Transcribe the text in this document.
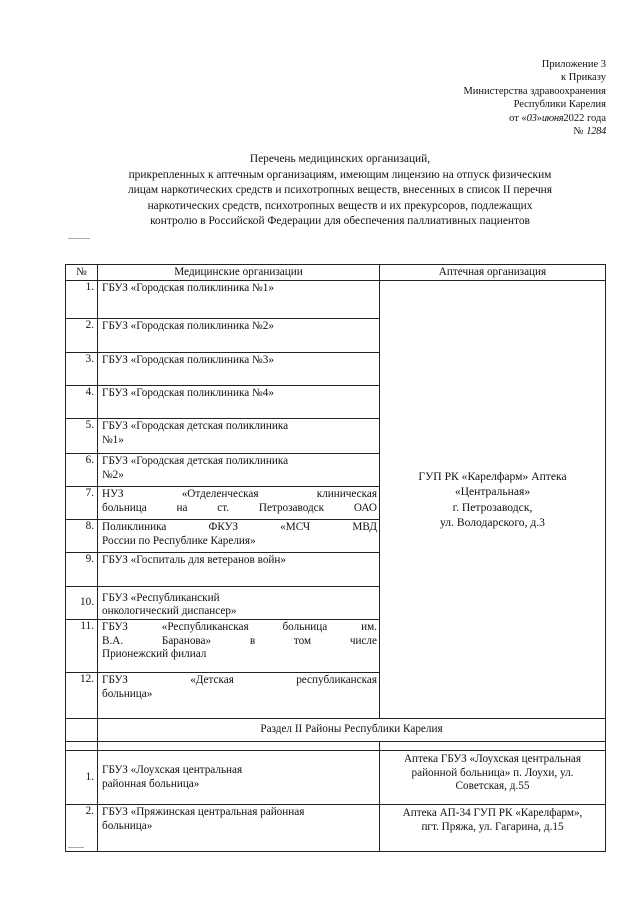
Приложение 3
к Приказу
Министерства здравоохранения
Республики Карелия
от «03»июня2022 года
№ 1284
Перечень медицинских организаций,
прикрепленных к аптечным организациям, имеющим лицензию на отпуск физическим
лицам наркотических средств и психотропных веществ, внесенных в список II перечня
наркотических средств, психотропных веществ и их прекурсоров, подлежащих
контролю в Российской Федерации для обеспечения паллиативных пациентов
№	Медицинские организации	Аптечная организация
1.	ГБУЗ «Городская поликлиника №1»	ГУП РК «Карелфарм» Аптека
«Центральная»
г. Петрозаводск,
ул. Володарского, д.3

2.	ГБУЗ «Городская поликлиника №2»	
3.	ГБУЗ «Городская поликлиника №3»	
4.	ГБУЗ «Городская поликлиника №4»	
5.	ГБУЗ «Городская детская поликлиника
№1»	

6.	ГБУЗ «Городская детская поликлиника
№2»	

7.	НУЗ «Отделенческая клиническая
больница на ст. Петрозаводск ОАО	

8.	Поликлиника ФКУЗ «МСЧ МВД
России по Республике Карелия»	

9.	ГБУЗ «Госпиталь для ветеранов войн»	
10.	ГБУЗ «Республиканский
онкологический диспансер»	

11.	ГБУЗ «Республиканская больница им.
В.А. Баранова» в том числе
Прионежский филиал	

12.	ГБУЗ «Детская республиканская
больница»	

	Раздел II Районы Республики Карелия	

1.	ГБУЗ «Лоухская центральная
районная больница»	Аптека ГБУЗ «Лоухская центральная
районной больница» п. Лоухи, ул.
Советская, д.55

2.	ГБУЗ «Пряжинская центральная районная
больница»	Аптека АП-34 ГУП РК «Карелфарм»,
пгт. Пряжа, ул. Гагарина, д.15
